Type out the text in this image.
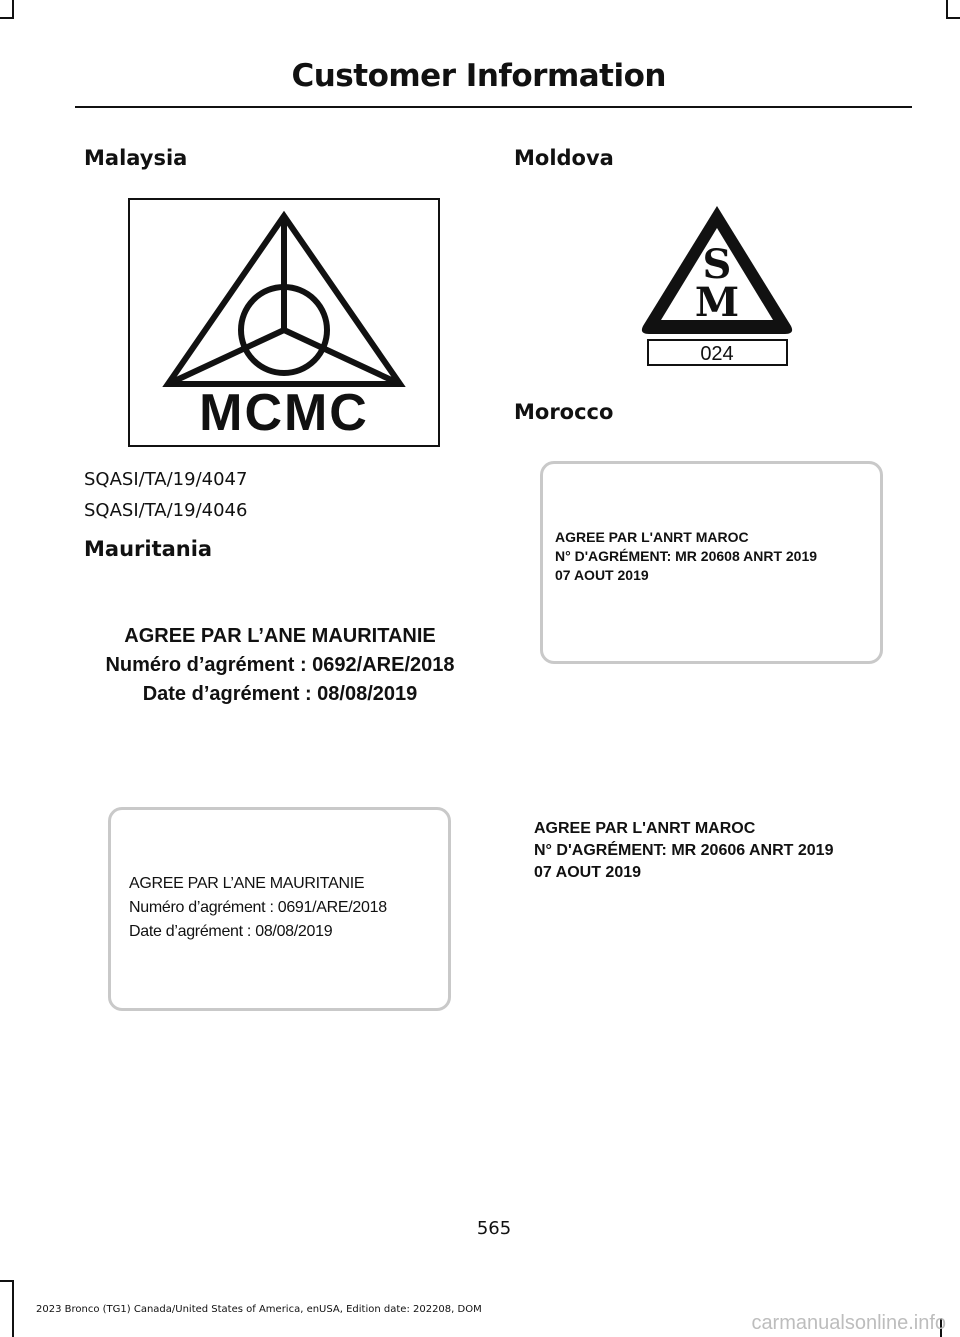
Customer Information
Malaysia
MCMC
SQASI/TA/19/4047
SQASI/TA/19/4046
Mauritania
AGREE PAR L’ANE MAURITANIE
Numéro d’agrément : 0692/ARE/2018
Date d’agrément : 08/08/2019
AGREE PAR L’ANE MAURITANIE
Numéro d’agrément : 0691/ARE/2018
Date d’agrément : 08/08/2019
Moldova
S
M
024
Morocco
AGREE PAR L'ANRT MAROC
N° D'AGRÉMENT: MR 20608 ANRT 2019
07 AOUT 2019
AGREE PAR L'ANRT MAROC
N° D'AGRÉMENT: MR 20606 ANRT 2019
07 AOUT 2019
565
2023 Bronco (TG1) Canada/United States of America, enUSA, Edition date: 202208, DOM
carmanualsonline.info
